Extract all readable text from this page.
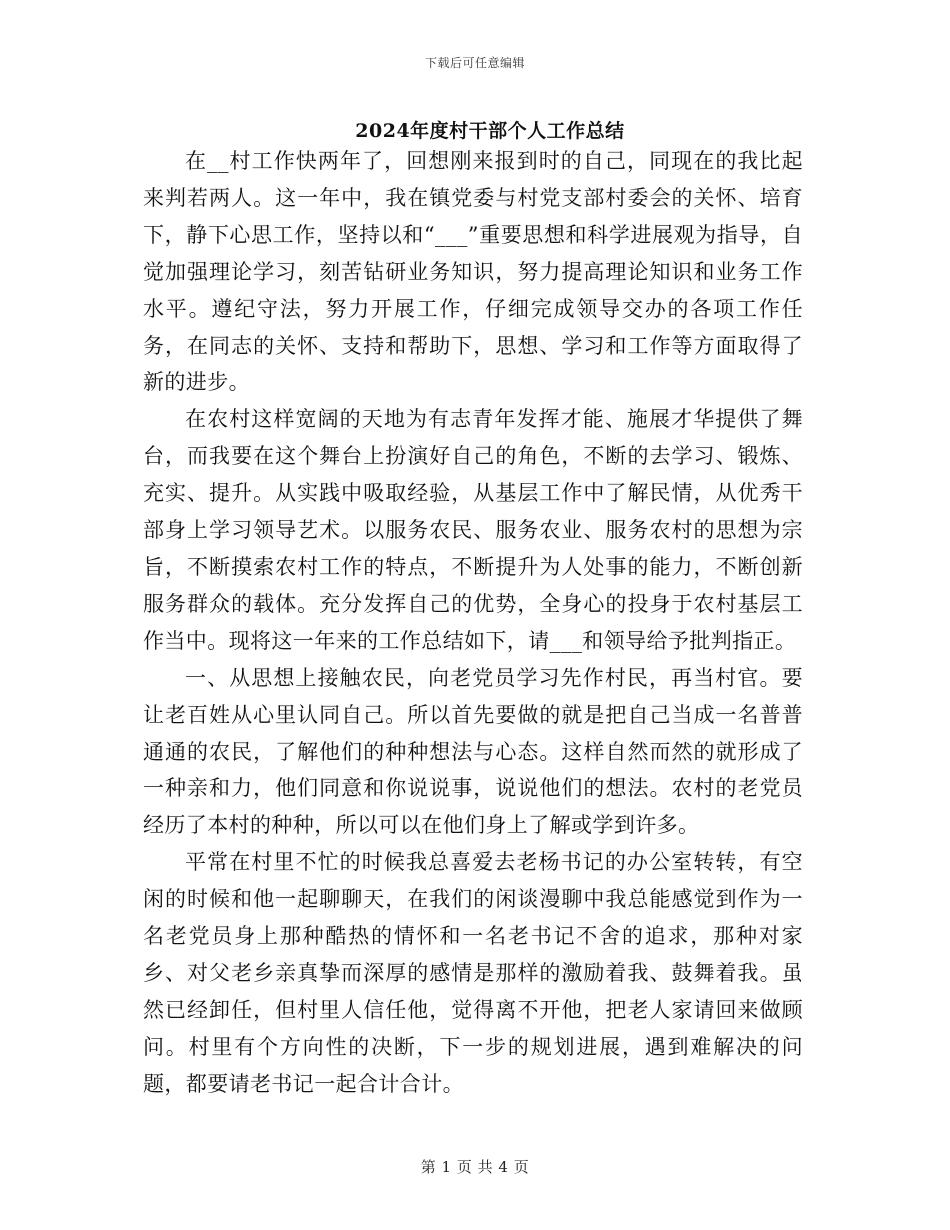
下载后可任意编辑
2024年度村干部个人工作总结

在__村工作快两年了，回想刚来报到时的自己，同现在的我比起来判若两人。这一年中，我在镇党委与村党支部村委会的关怀、培育下，静下心思工作，坚持以和“___”重要思想和科学进展观为指导，自觉加强理论学习，刻苦钻研业务知识，努力提高理论知识和业务工作水平。遵纪守法，努力开展工作，仔细完成领导交办的各项工作任务，在同志的关怀、支持和帮助下，思想、学习和工作等方面取得了新的进步。

在农村这样宽阔的天地为有志青年发挥才能、施展才华提供了舞台，而我要在这个舞台上扮演好自己的角色，不断的去学习、锻炼、充实、提升。从实践中吸取经验，从基层工作中了解民情，从优秀干部身上学习领导艺术。以服务农民、服务农业、服务农村的思想为宗旨，不断摸索农村工作的特点，不断提升为人处事的能力，不断创新服务群众的载体。充分发挥自己的优势，全身心的投身于农村基层工作当中。现将这一年来的工作总结如下，请___和领导给予批判指正。

一、从思想上接触农民，向老党员学习先作村民，再当村官。要让老百姓从心里认同自己。所以首先要做的就是把自己当成一名普普通通的农民，了解他们的种种想法与心态。这样自然而然的就形成了一种亲和力，他们同意和你说说事，说说他们的想法。农村的老党员经历了本村的种种，所以可以在他们身上了解或学到许多。

平常在村里不忙的时候我总喜爱去老杨书记的办公室转转，有空闲的时候和他一起聊聊天，在我们的闲谈漫聊中我总能感觉到作为一名老党员身上那种酷热的情怀和一名老书记不舍的追求，那种对家乡、对父老乡亲真挚而深厚的感情是那样的激励着我、鼓舞着我。虽然已经卸任，但村里人信任他，觉得离不开他，把老人家请回来做顾问。村里有个方向性的决断，下一步的规划进展，遇到难解决的问题，都要请老书记一起合计合计。

第 1 页 共 4 页
